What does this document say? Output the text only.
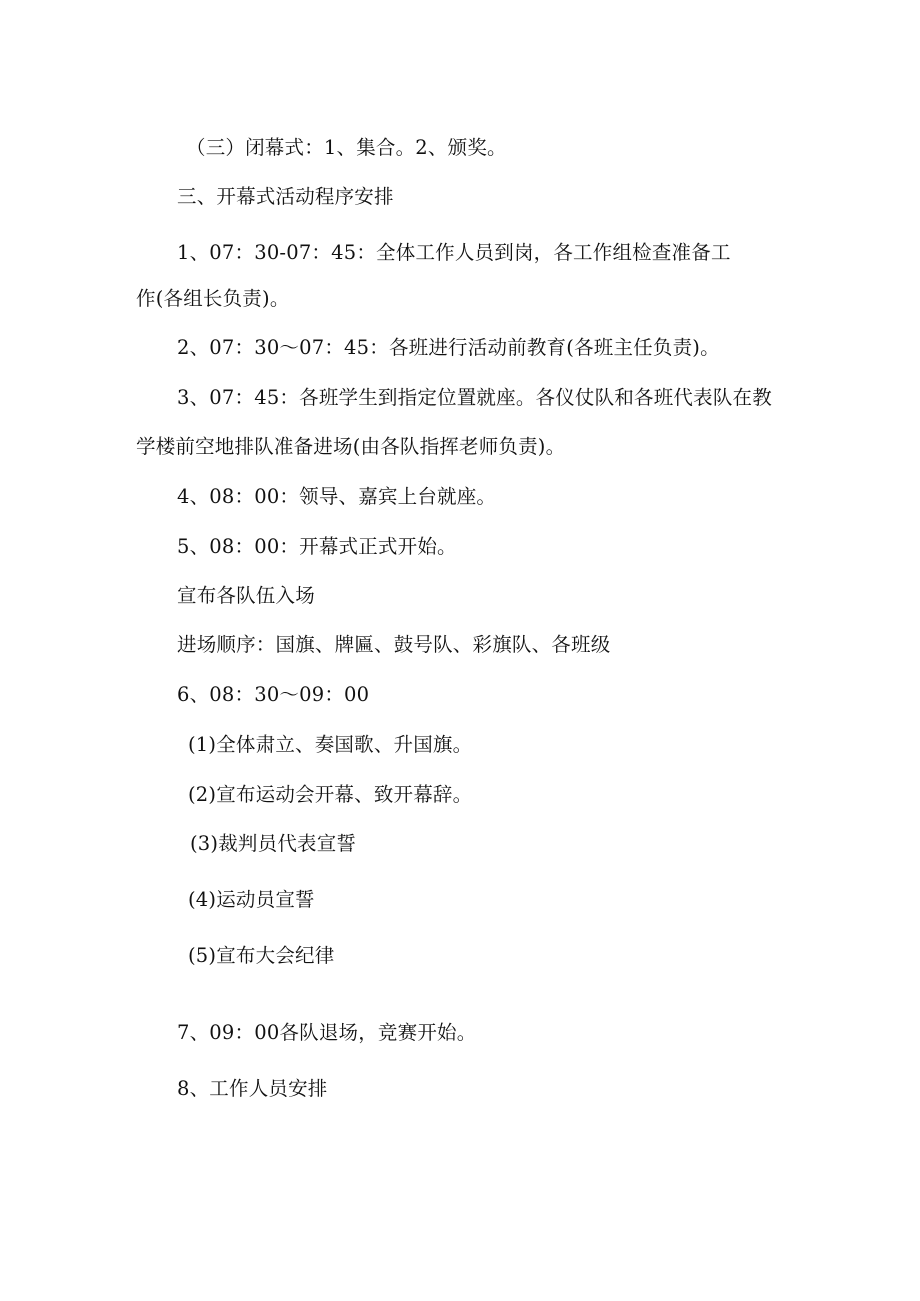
（三）闭幕式：1、集合。2、颁奖。
三、开幕式活动程序安排
1、07：30-07：45：全体工作人员到岗，各工作组检查准备工
作(各组长负责)。
2、07：30～07：45：各班进行活动前教育(各班主任负责)。
3、07：45：各班学生到指定位置就座。各仪仗队和各班代表队在教
学楼前空地排队准备进场(由各队指挥老师负责)。
4、08：00：领导、嘉宾上台就座。
5、08：00：开幕式正式开始。
宣布各队伍入场
进场顺序：国旗、牌匾、鼓号队、彩旗队、各班级
6、08：30～09：00
(1)全体肃立、奏国歌、升国旗。
(2)宣布运动会开幕、致开幕辞。
(3)裁判员代表宣誓
(4)运动员宣誓
(5)宣布大会纪律
7、09：00各队退场，竞赛开始。
8、工作人员安排
